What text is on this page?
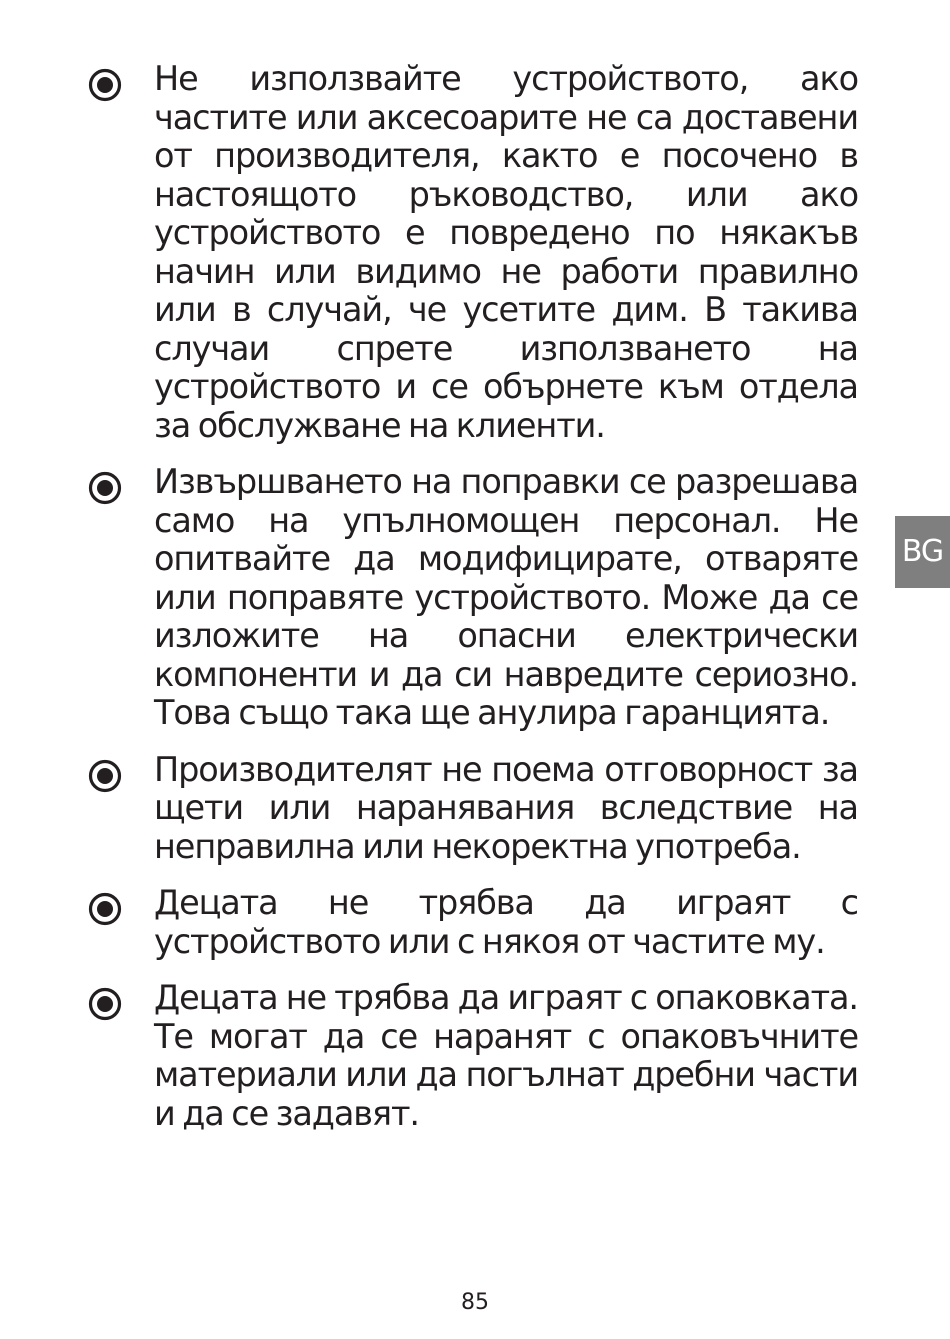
Не използвайте устройството, ако частите или аксесоарите не са доставени от производителя, както е посочено в настоящото ръководство, или ако устройството е повредено по някакъв начин или видимо не работи правилно или в случай, че усетите дим. В такива случаи спрете използването на устройството и се обърнете към отдела за обслужване на клиенти.
Извършването на поправки се разрешава само на упълномощен персонал. Не опитвайте да модифицирате, отваряте или поправяте устройството. Може да се изложите на опасни електрически компоненти и да си навредите сериозно. Това също така ще анулира гаранцията.
Производителят не поема отговорност за щети или наранявания вследствие на неправилна или некоректна употреба.
Децата не трябва да играят с устройството или с някоя от частите му.
Децата не трябва да играят с опаковката. Те могат да се наранят с опаковъчните материали или да погълнат дребни части и да се задавят.
BG
85
